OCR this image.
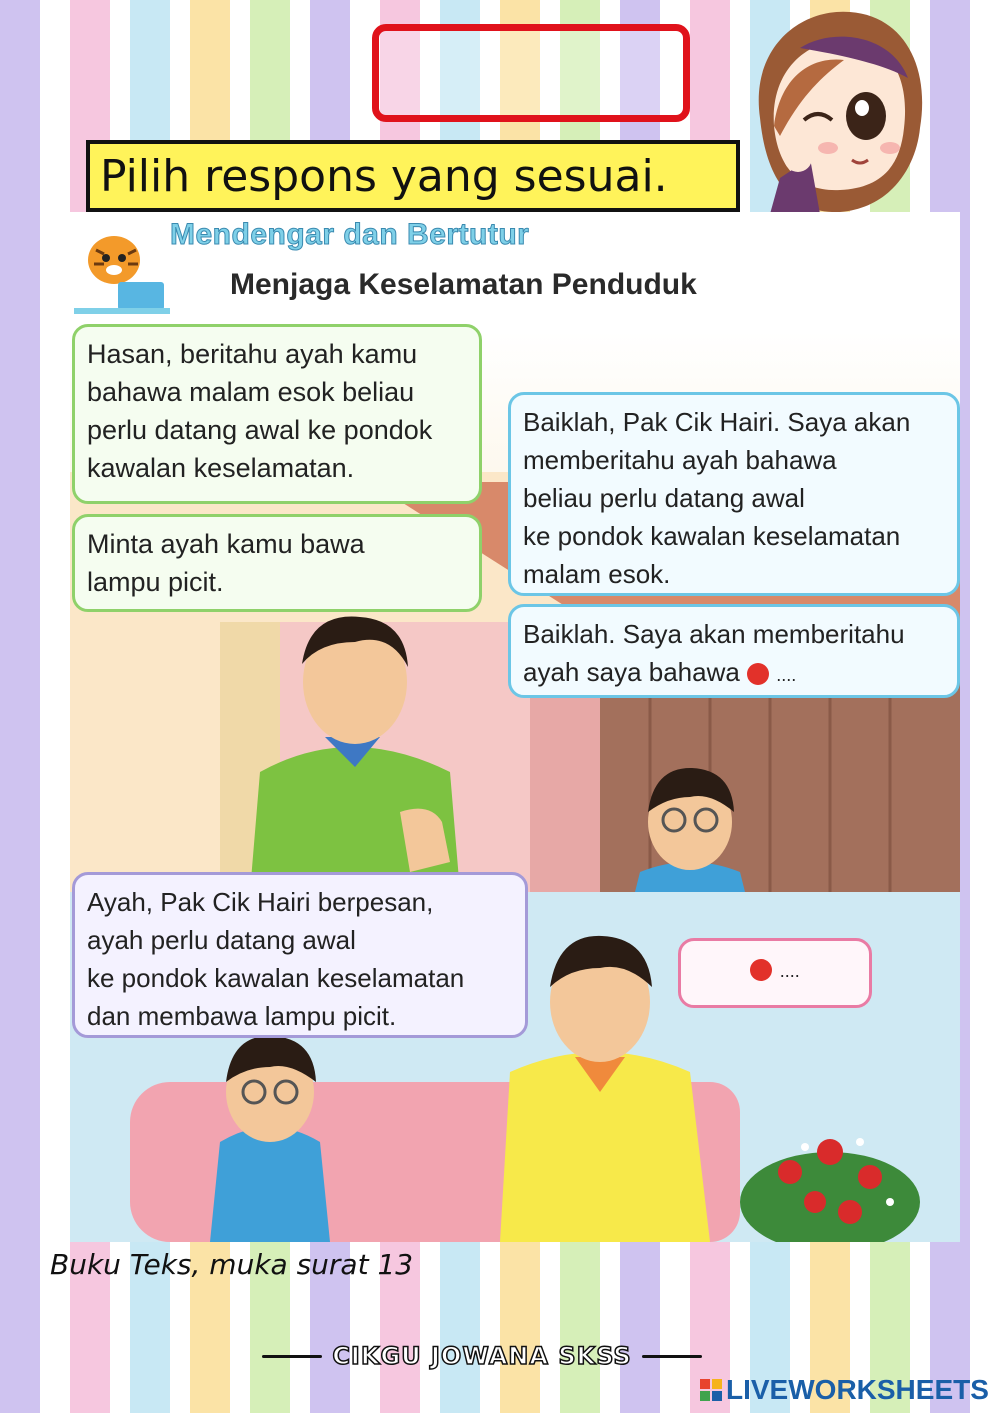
Pilih respons yang sesuai.
Mendengar dan Bertutur
Menjaga Keselamatan Penduduk
Hasan, beritahu ayah kamu
bahawa malam esok beliau
perlu datang awal ke pondok
kawalan keselamatan.
Minta ayah kamu bawa
lampu picit.
Baiklah, Pak Cik Hairi. Saya akan
memberitahu ayah bahawa
beliau perlu datang awal
ke pondok kawalan keselamatan
malam esok.
Baiklah. Saya akan memberitahu
ayah saya bahawa ....
Ayah, Pak Cik Hairi berpesan,
ayah perlu datang awal
ke pondok kawalan keselamatan
dan membawa lampu picit.
....
Buku Teks, muka surat 13
CIKGU JOWANA SKSS
LIVEWORKSHEETS
